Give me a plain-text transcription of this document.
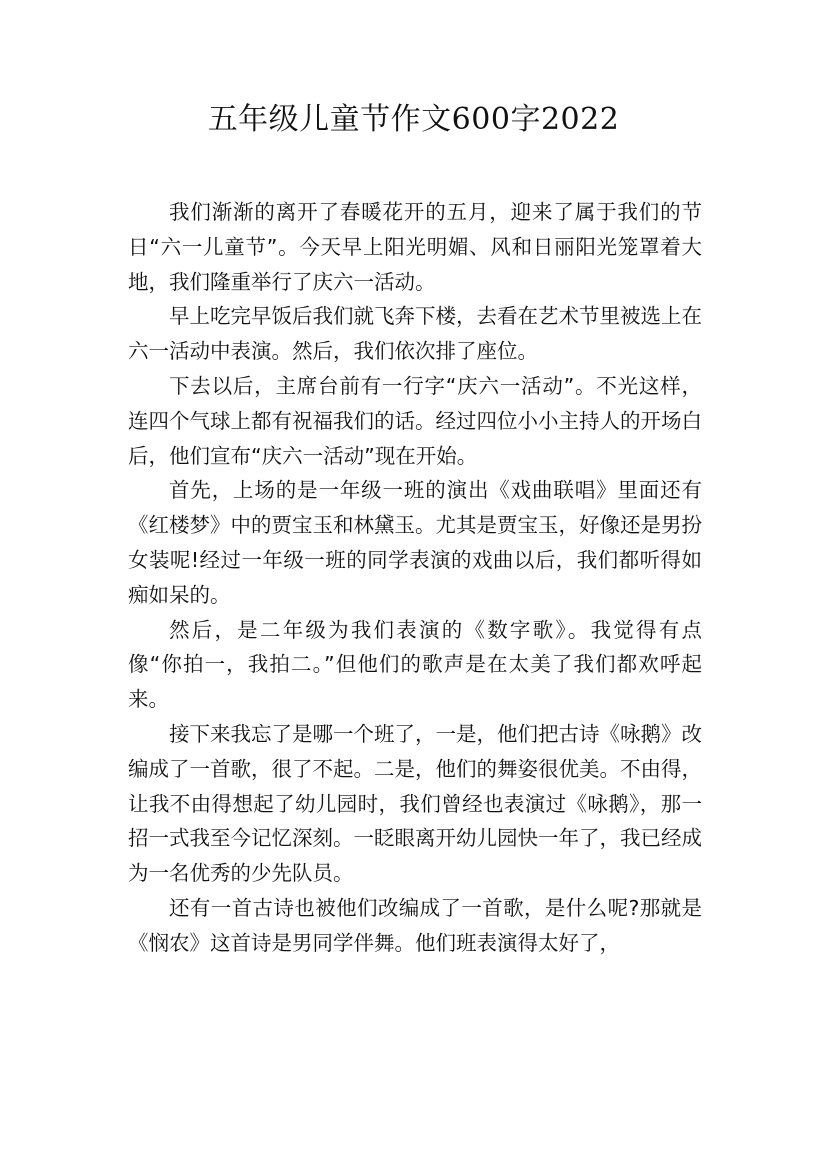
五年级儿童节作文600字2022

我们渐渐的离开了春暖花开的五月，迎来了属于我们的节日“六一儿童节”。今天早上阳光明媚、风和日丽阳光笼罩着大地，我们隆重举行了庆六一活动。

早上吃完早饭后我们就飞奔下楼，去看在艺术节里被选上在六一活动中表演。然后，我们依次排了座位。

下去以后，主席台前有一行字“庆六一活动”。不光这样，连四个气球上都有祝福我们的话。经过四位小小主持人的开场白后，他们宣布“庆六一活动”现在开始。

首先，上场的是一年级一班的演出《戏曲联唱》里面还有《红楼梦》中的贾宝玉和林黛玉。尤其是贾宝玉，好像还是男扮女装呢!经过一年级一班的同学表演的戏曲以后，我们都听得如痴如呆的。

然后，是二年级为我们表演的《数字歌》。我觉得有点像“你拍一，我拍二。”但他们的歌声是在太美了我们都欢呼起来。

接下来我忘了是哪一个班了，一是，他们把古诗《咏鹅》改编成了一首歌，很了不起。二是，他们的舞姿很优美。不由得，让我不由得想起了幼儿园时，我们曾经也表演过《咏鹅》，那一招一式我至今记忆深刻。一眨眼离开幼儿园快一年了，我已经成为一名优秀的少先队员。

还有一首古诗也被他们改编成了一首歌，是什么呢?那就是《悯农》这首诗是男同学伴舞。他们班表演得太好了，
